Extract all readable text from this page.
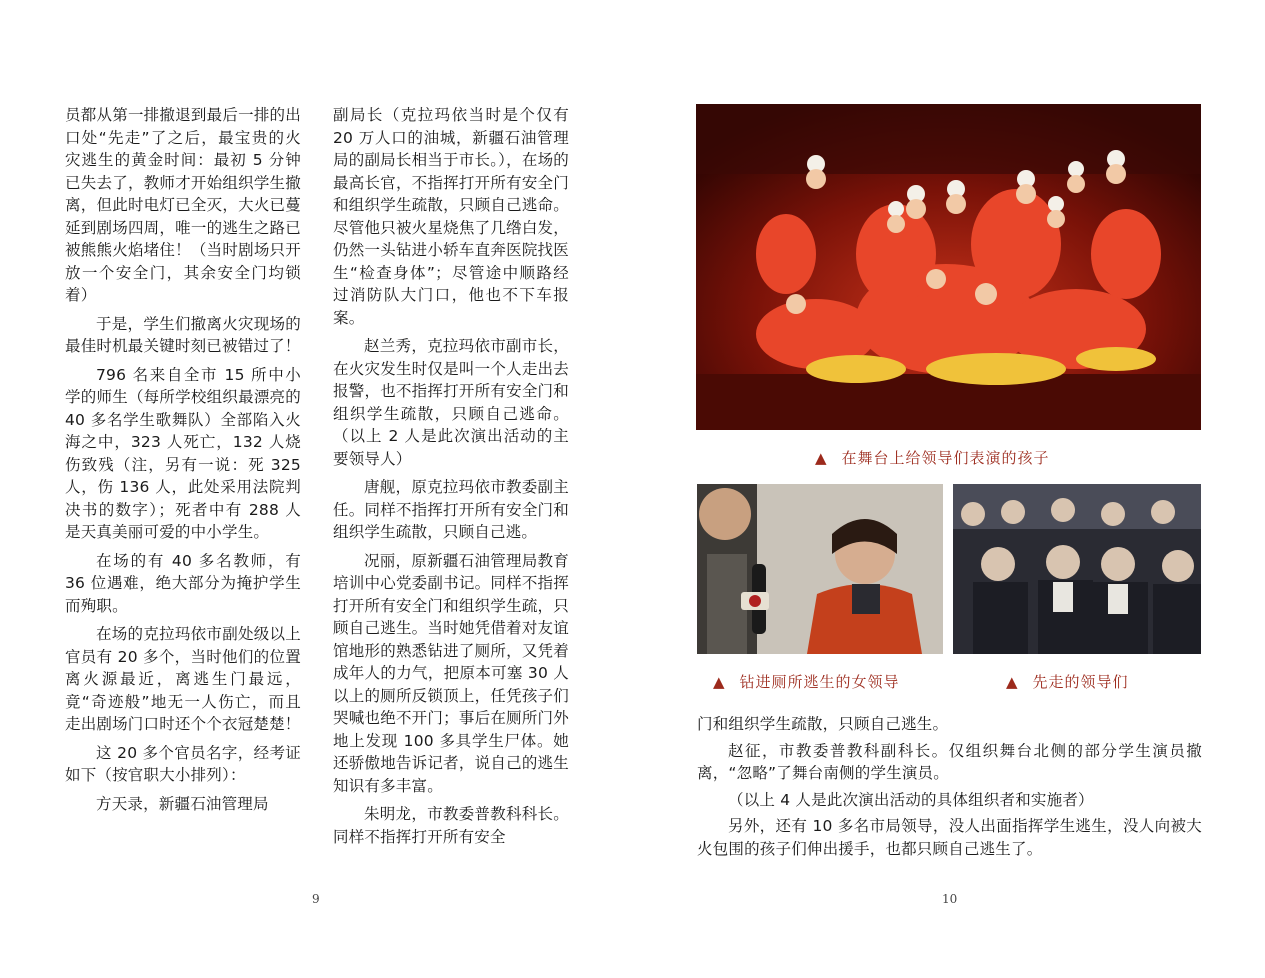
员都从第一排撤退到最后一排的出口处“先走”了之后，最宝贵的火灾逃生的黄金时间：最初 5 分钟已失去了，教师才开始组织学生撤离，但此时电灯已全灭，大火已蔓延到剧场四周，唯一的逃生之路已被熊熊火焰堵住！（当时剧场只开放一个安全门，其余安全门均锁着）

于是，学生们撤离火灾现场的最佳时机最关键时刻已被错过了！

796 名来自全市 15 所中小学的师生（每所学校组织最漂亮的 40 多名学生歌舞队）全部陷入火海之中，323 人死亡，132 人烧伤致残（注，另有一说：死 325 人，伤 136 人，此处采用法院判决书的数字）；死者中有 288 人是天真美丽可爱的中小学生。

在场的有 40 多名教师，有 36 位遇难，绝大部分为掩护学生而殉职。

在场的克拉玛依市副处级以上官员有 20 多个，当时他们的位置离火源最近，离逃生门最远，竟“奇迹般”地无一人伤亡，而且走出剧场门口时还个个衣冠楚楚！

这 20 多个官员名字，经考证如下（按官职大小排列）：

方天录，新疆石油管理局

副局长（克拉玛依当时是个仅有 20 万人口的油城，新疆石油管理局的副局长相当于市长。），在场的最高长官，不指挥打开所有安全门和组织学生疏散，只顾自己逃命。尽管他只被火星烧焦了几绺白发，仍然一头钻进小轿车直奔医院找医生“检查身体”；尽管途中顺路经过消防队大门口，他也不下车报案。

赵兰秀，克拉玛依市副市长，在火灾发生时仅是叫一个人走出去报警，也不指挥打开所有安全门和组织学生疏散，只顾自己逃命。（以上 2 人是此次演出活动的主要领导人）

唐舰，原克拉玛依市教委副主任。同样不指挥打开所有安全门和组织学生疏散，只顾自己逃。

况丽，原新疆石油管理局教育培训中心党委副书记。同样不指挥打开所有安全门和组织学生疏，只顾自己逃生。当时她凭借着对友谊馆地形的熟悉钻进了厕所，又凭着成年人的力气，把原本可塞 30 人以上的厕所反锁顶上，任凭孩子们哭喊也绝不开门；事后在厕所门外地上发现 100 多具学生尸体。她还骄傲地告诉记者，说自己的逃生知识有多丰富。

朱明龙，市教委普教科科长。同样不指挥打开所有安全

9
▲ 在舞台上给领导们表演的孩子
▲ 钻进厕所逃生的女领导	▲ 先走的领导们

门和组织学生疏散，只顾自己逃生。

赵征，市教委普教科副科长。仅组织舞台北侧的部分学生演员撤离，“忽略”了舞台南侧的学生演员。

（以上 4 人是此次演出活动的具体组织者和实施者）

另外，还有 10 多名市局领导，没人出面指挥学生逃生，没人向被大火包围的孩子们伸出援手，也都只顾自己逃生了。

10
